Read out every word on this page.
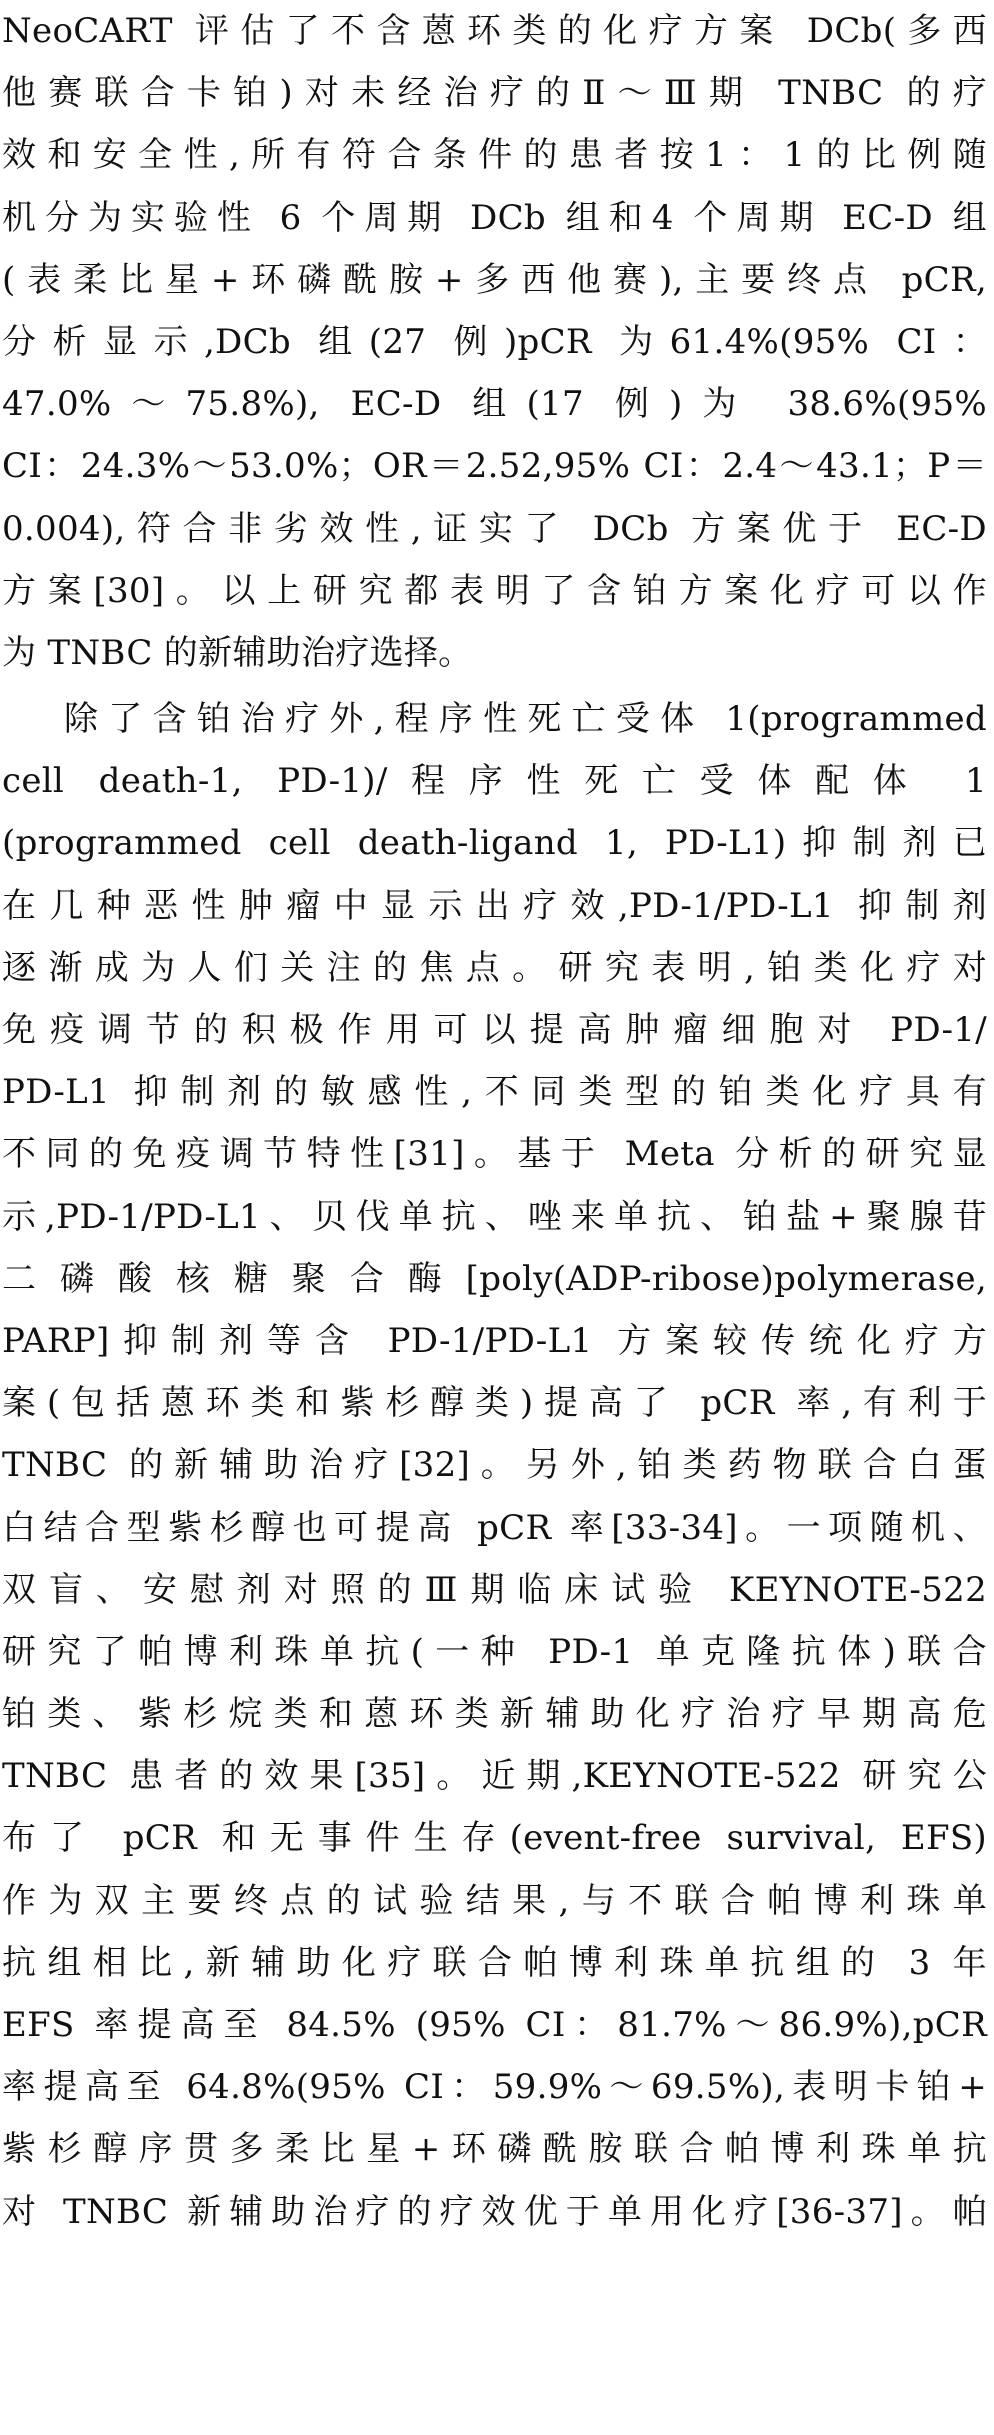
NeoCART 评估了不含蒽环类的化疗方案 DCb(多西
他赛联合卡铂)对未经治疗的Ⅱ～Ⅲ期 TNBC 的疗
效和安全性,所有符合条件的患者按1：1的比例随
机分为实验性 6 个周期 DCb 组和4 个周期 EC-D 组
(表柔比星+环磷酰胺+多西他赛),主要终点 pCR,
分析显示,DCb 组(27 例)pCR 为61.4%(95% CI：
47.0%～75.8%), EC-D 组(17 例)为 38.6%(95%
CI：24.3%～53.0%；OR＝2.52,95% CI：2.4～43.1；P＝
0.004),符合非劣效性,证实了 DCb 方案优于 EC-D
方案[30]。以上研究都表明了含铂方案化疗可以作
为 TNBC 的新辅助治疗选择。
除了含铂治疗外,程序性死亡受体 1(programmed
cell death-1, PD-1)/程序性死亡受体配体 1
(programmed cell death-ligand 1, PD-L1)抑制剂已
在几种恶性肿瘤中显示出疗效,PD-1/PD-L1 抑制剂
逐渐成为人们关注的焦点。研究表明,铂类化疗对
免疫调节的积极作用可以提高肿瘤细胞对 PD-1/
PD-L1 抑制剂的敏感性,不同类型的铂类化疗具有
不同的免疫调节特性[31]。基于 Meta 分析的研究显
示,PD-1/PD-L1、贝伐单抗、唑来单抗、铂盐+聚腺苷
二磷酸核糖聚合酶[poly(ADP-ribose)polymerase,
PARP]抑制剂等含 PD-1/PD-L1 方案较传统化疗方
案(包括蒽环类和紫杉醇类)提高了 pCR 率,有利于
TNBC 的新辅助治疗[32]。另外,铂类药物联合白蛋
白结合型紫杉醇也可提高 pCR 率[33-34]。一项随机、
双盲、安慰剂对照的Ⅲ期临床试验 KEYNOTE-522
研究了帕博利珠单抗(一种 PD-1 单克隆抗体)联合
铂类、紫杉烷类和蒽环类新辅助化疗治疗早期高危
TNBC 患者的效果[35]。近期,KEYNOTE-522 研究公
布了 pCR 和无事件生存(event-free survival, EFS)
作为双主要终点的试验结果,与不联合帕博利珠单
抗组相比,新辅助化疗联合帕博利珠单抗组的 3 年
EFS 率提高至 84.5% (95% CI：81.7%～86.9%),pCR
率提高至 64.8%(95% CI：59.9%～69.5%),表明卡铂+
紫杉醇序贯多柔比星+环磷酰胺联合帕博利珠单抗
对 TNBC 新辅助治疗的疗效优于单用化疗[36-37]。帕
